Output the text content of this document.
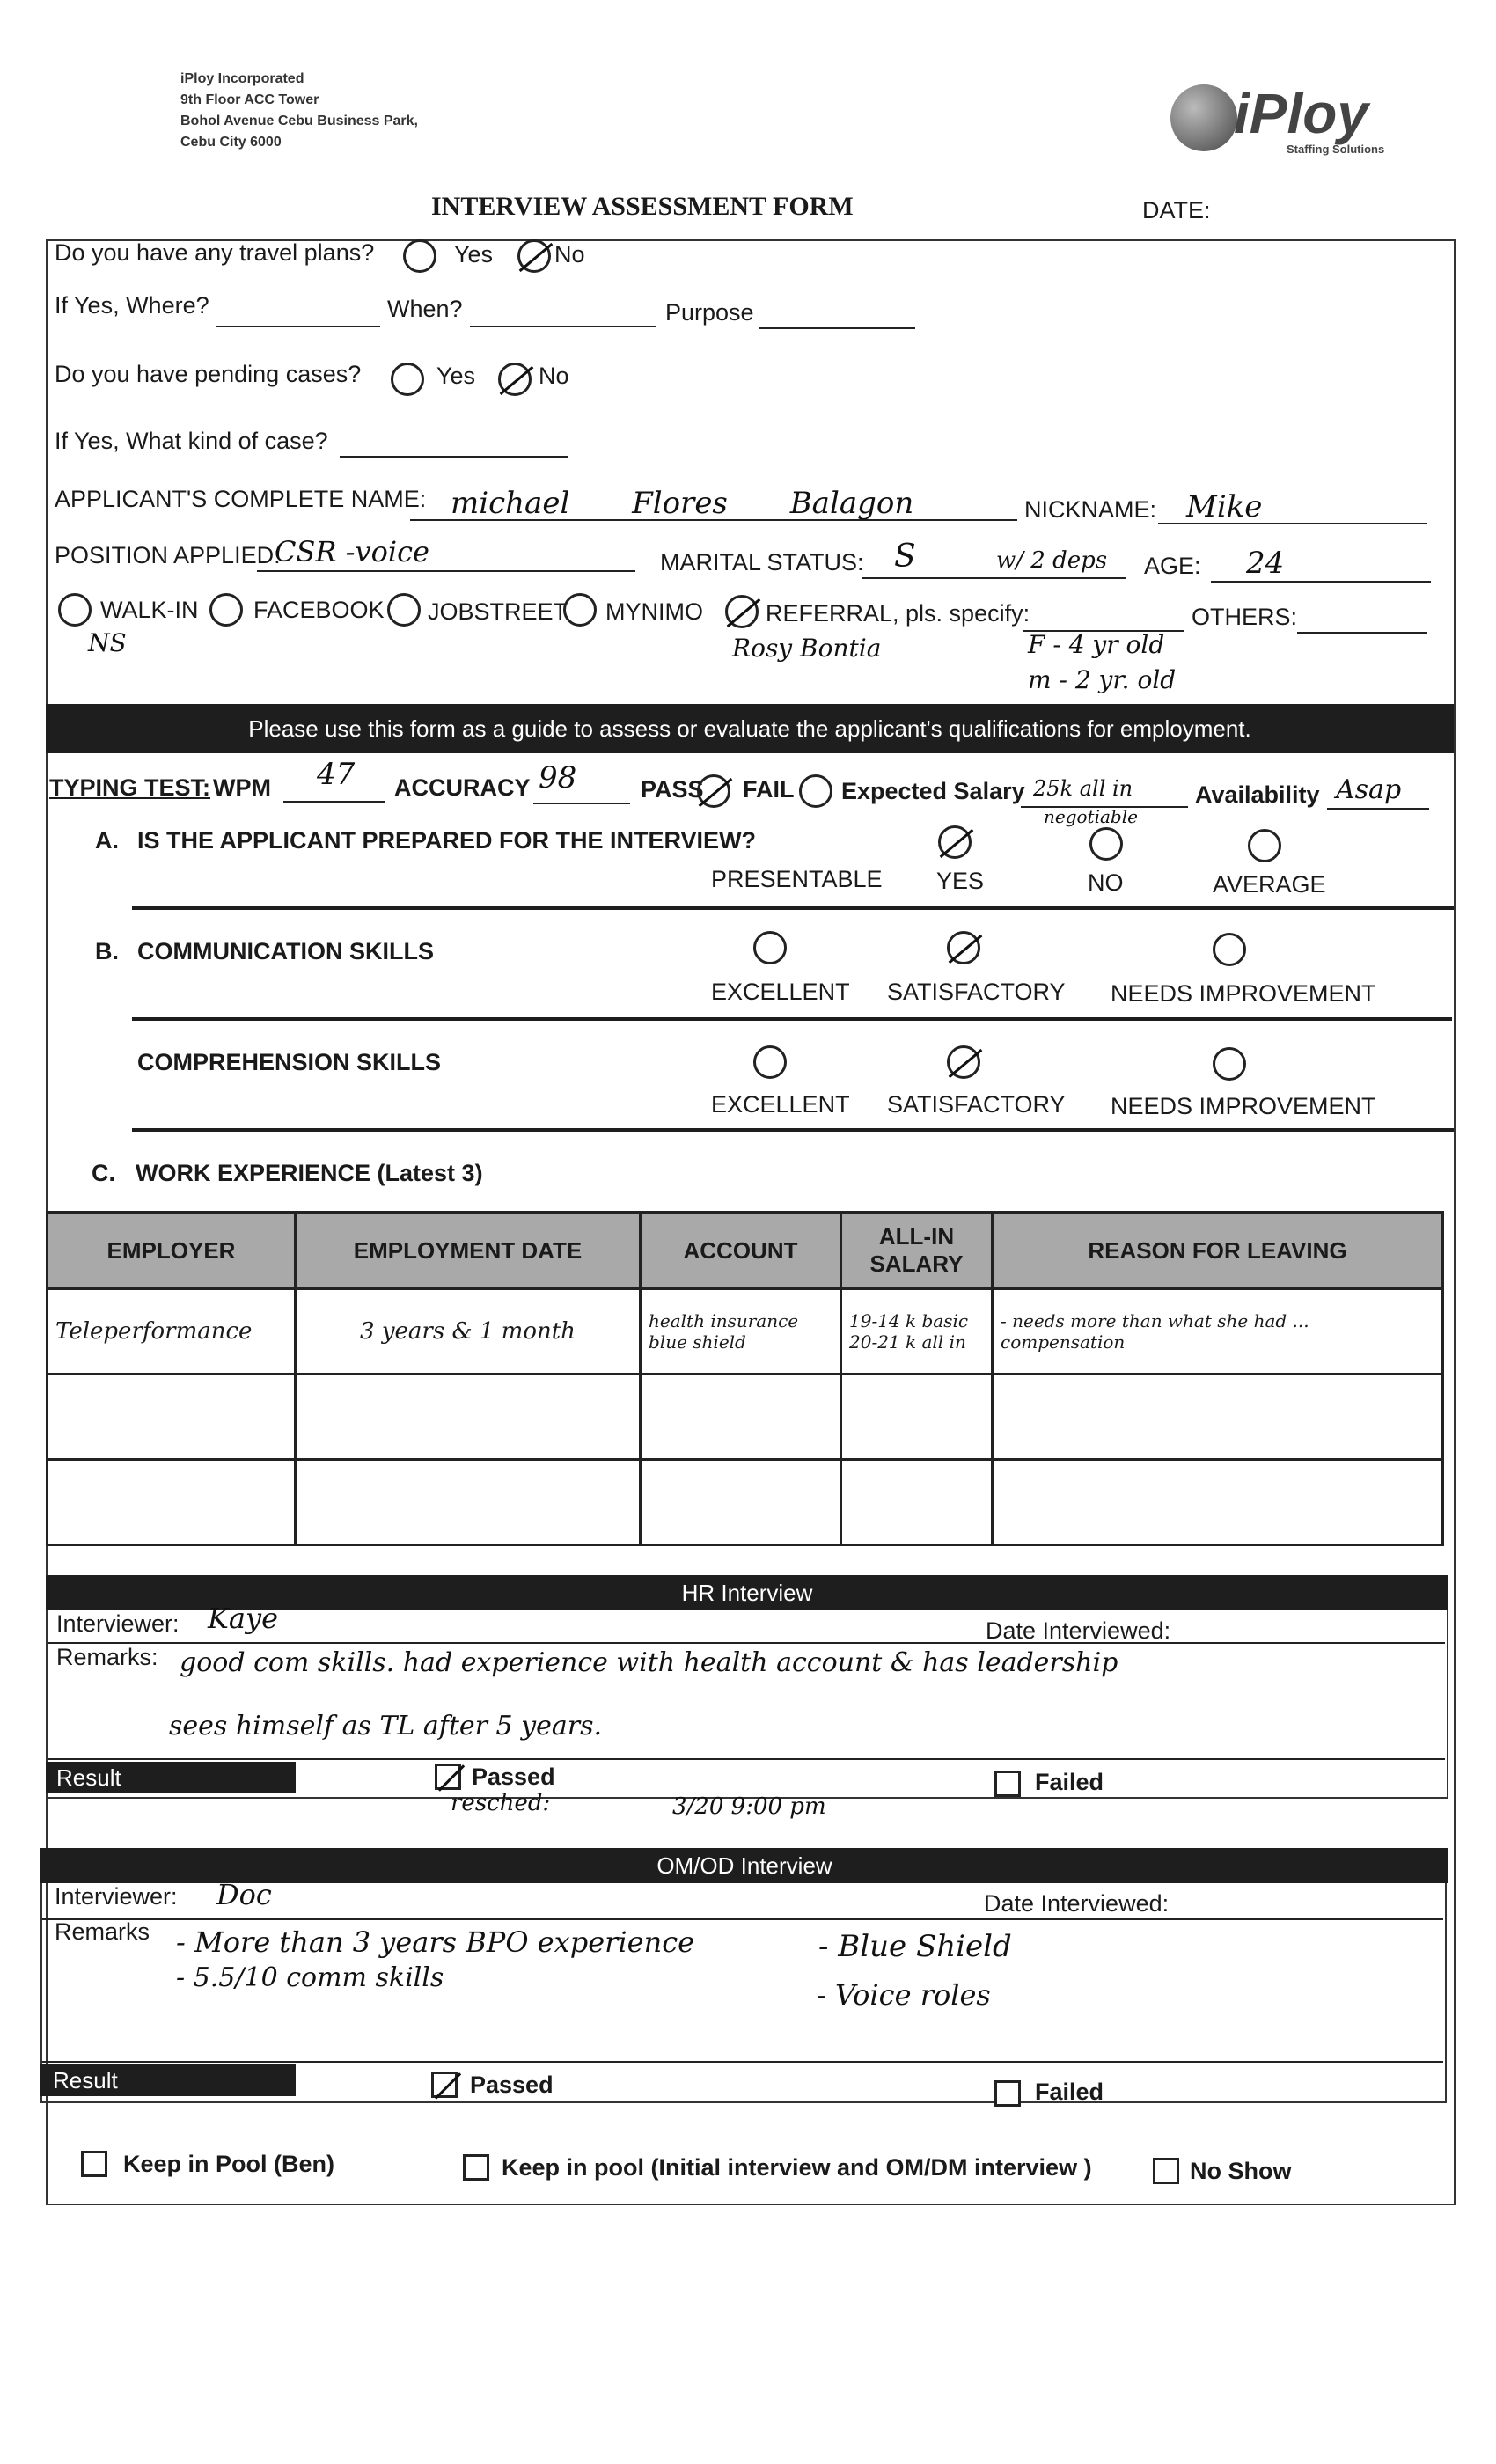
iPloy Incorporated
9th Floor ACC Tower
Bohol Avenue Cebu Business Park,
Cebu City 6000	iPloy
Staffing Solutions
INTERVIEW ASSESSMENT FORM	DATE:
Do you have any travel plans?	Yes	No
If Yes, Where?	When?	Purpose
Do you have pending cases?	Yes	No
If Yes, What kind of case?
APPLICANT'S COMPLETE NAME: michael Flores Balagon	NICKNAME: Mike
POSITION APPLIED:
CSR -voice	MARITAL STATUS: S	w/ 2 deps AGE: 24
WALK-IN FACEBOOK JOBSTREET MYNIMO	REFERRAL, pls. specify:	OTHERS:
NS	Rosy Bontia	F - 4 yr old
m - 2 yr. old
Please use this form as a guide to assess or evaluate the applicant's qualifications for employment.
TYPING TEST: WPM 47 ACCURACY 98	PASS FAIL Expected Salary 25k all in
negotiable
Availability Asap
A. IS THE APPLICANT PREPARED FOR THE INTERVIEW?
PRESENTABLE YES	NO	AVERAGE
B. COMMUNICATION SKILLS
EXCELLENT SATISFACTORY NEEDS IMPROVEMENT
COMPREHENSION SKILLS
EXCELLENT SATISFACTORY NEEDS IMPROVEMENT
C. WORK EXPERIENCE (Latest 3)
EMPLOYER	EMPLOYMENT DATE	ACCOUNT	ALL-IN SALARY	REASON FOR LEAVING
Teleperformance	3 years & 1 month	health insurance blue shield	19-14 k basic 20-21 k all in	- needs more than what she had ... compensation

HR Interview
Interviewer: Kaye	Date Interviewed:
Remarks: good com skills. had experience with health account & has leadership
sees himself as TL after 5 years.
Result	Passed	Failed
resched:	3/20 9:00 pm
OM/OD Interview
Interviewer: Doc	Date Interviewed:
Remarks - More than 3 years BPO experience
- 5.5/10 comm skills
- Blue Shield
- Voice roles
Result	Passed	Failed
Keep in Pool (Ben)	Keep in pool (Initial interview and OM/DM interview )	No Show
